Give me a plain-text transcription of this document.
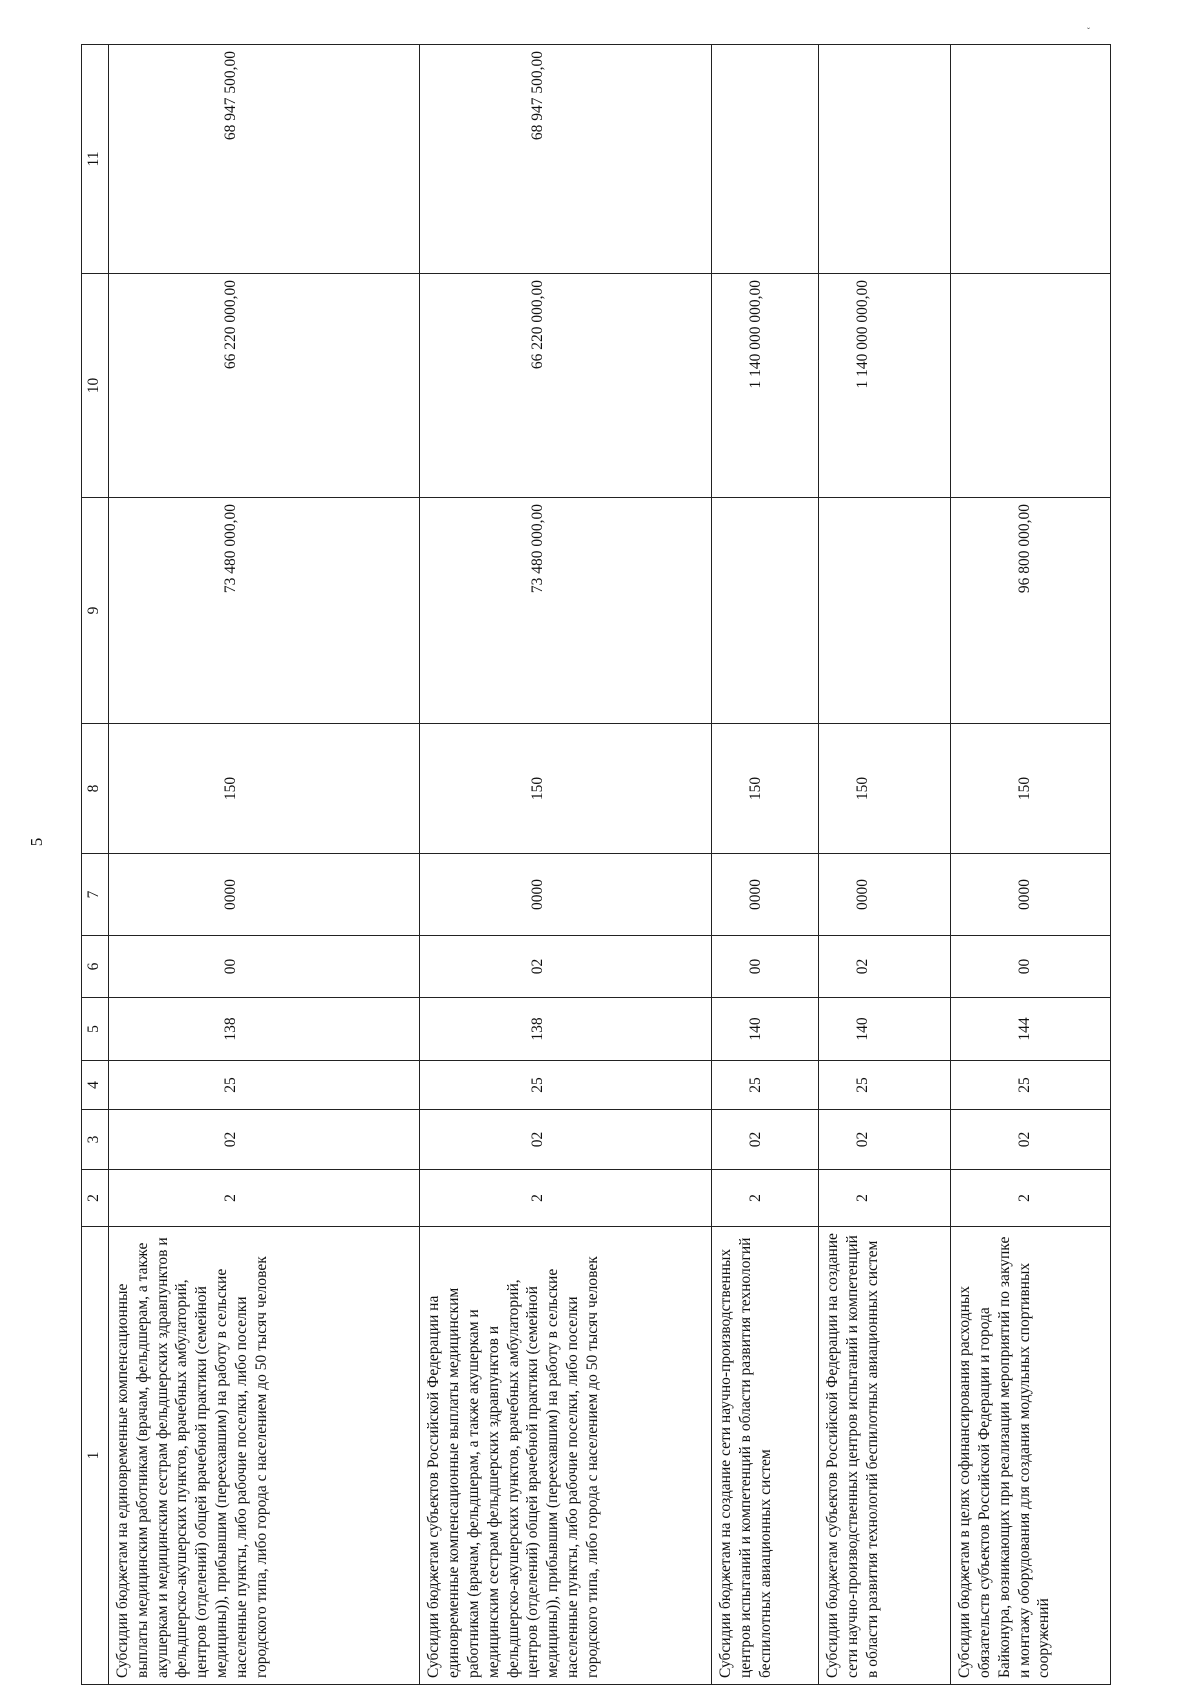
5
ˇ
1	2	3	4	5	6	7	8	9	10	11
Субсидии бюджетам на единовременные компенсационные выплаты медицинским работникам (врачам, фельдшерам, а также акушеркам и медицинским сестрам фельдшерских здравпунктов и фельдшерско-акушерских пунктов, врачебных амбулаторий, центров (отделений) общей врачебной практики (семейной медицины)), прибывшим (переехавшим) на работу в сельские населенные пункты, либо рабочие поселки, либо поселки городского типа, либо города с населением до 50 тысяч человек	2	02	25	138	00	0000	150	73 480 000,00	66 220 000,00	68 947 500,00
Субсидии бюджетам субъектов Российской Федерации на единовременные компенсационные выплаты медицинским работникам (врачам, фельдшерам, а также акушеркам и медицинским сестрам фельдшерских здравпунктов и фельдшерско-акушерских пунктов, врачебных амбулаторий, центров (отделений) общей врачебной практики (семейной медицины)), прибывшим (переехавшим) на работу в сельские населенные пункты, либо рабочие поселки, либо поселки городского типа, либо города с населением до 50 тысяч человек	2	02	25	138	02	0000	150	73 480 000,00	66 220 000,00	68 947 500,00
Субсидии бюджетам на создание сети научно-производственных центров испытаний и компетенций в области развития технологий беспилотных авиационных систем	2	02	25	140	00	0000	150		1 140 000 000,00	
Субсидии бюджетам субъектов Российской Федерации на создание сети научно-производственных центров испытаний и компетенций в области развития технологий беспилотных авиационных систем	2	02	25	140	02	0000	150		1 140 000 000,00	
Субсидии бюджетам в целях софинансирования расходных обязательств субъектов Российской Федерации и города Байконура, возникающих при реализации мероприятий по закупке и монтажу оборудования для создания модульных спортивных сооружений	2	02	25	144	00	0000	150	96 800 000,00		
